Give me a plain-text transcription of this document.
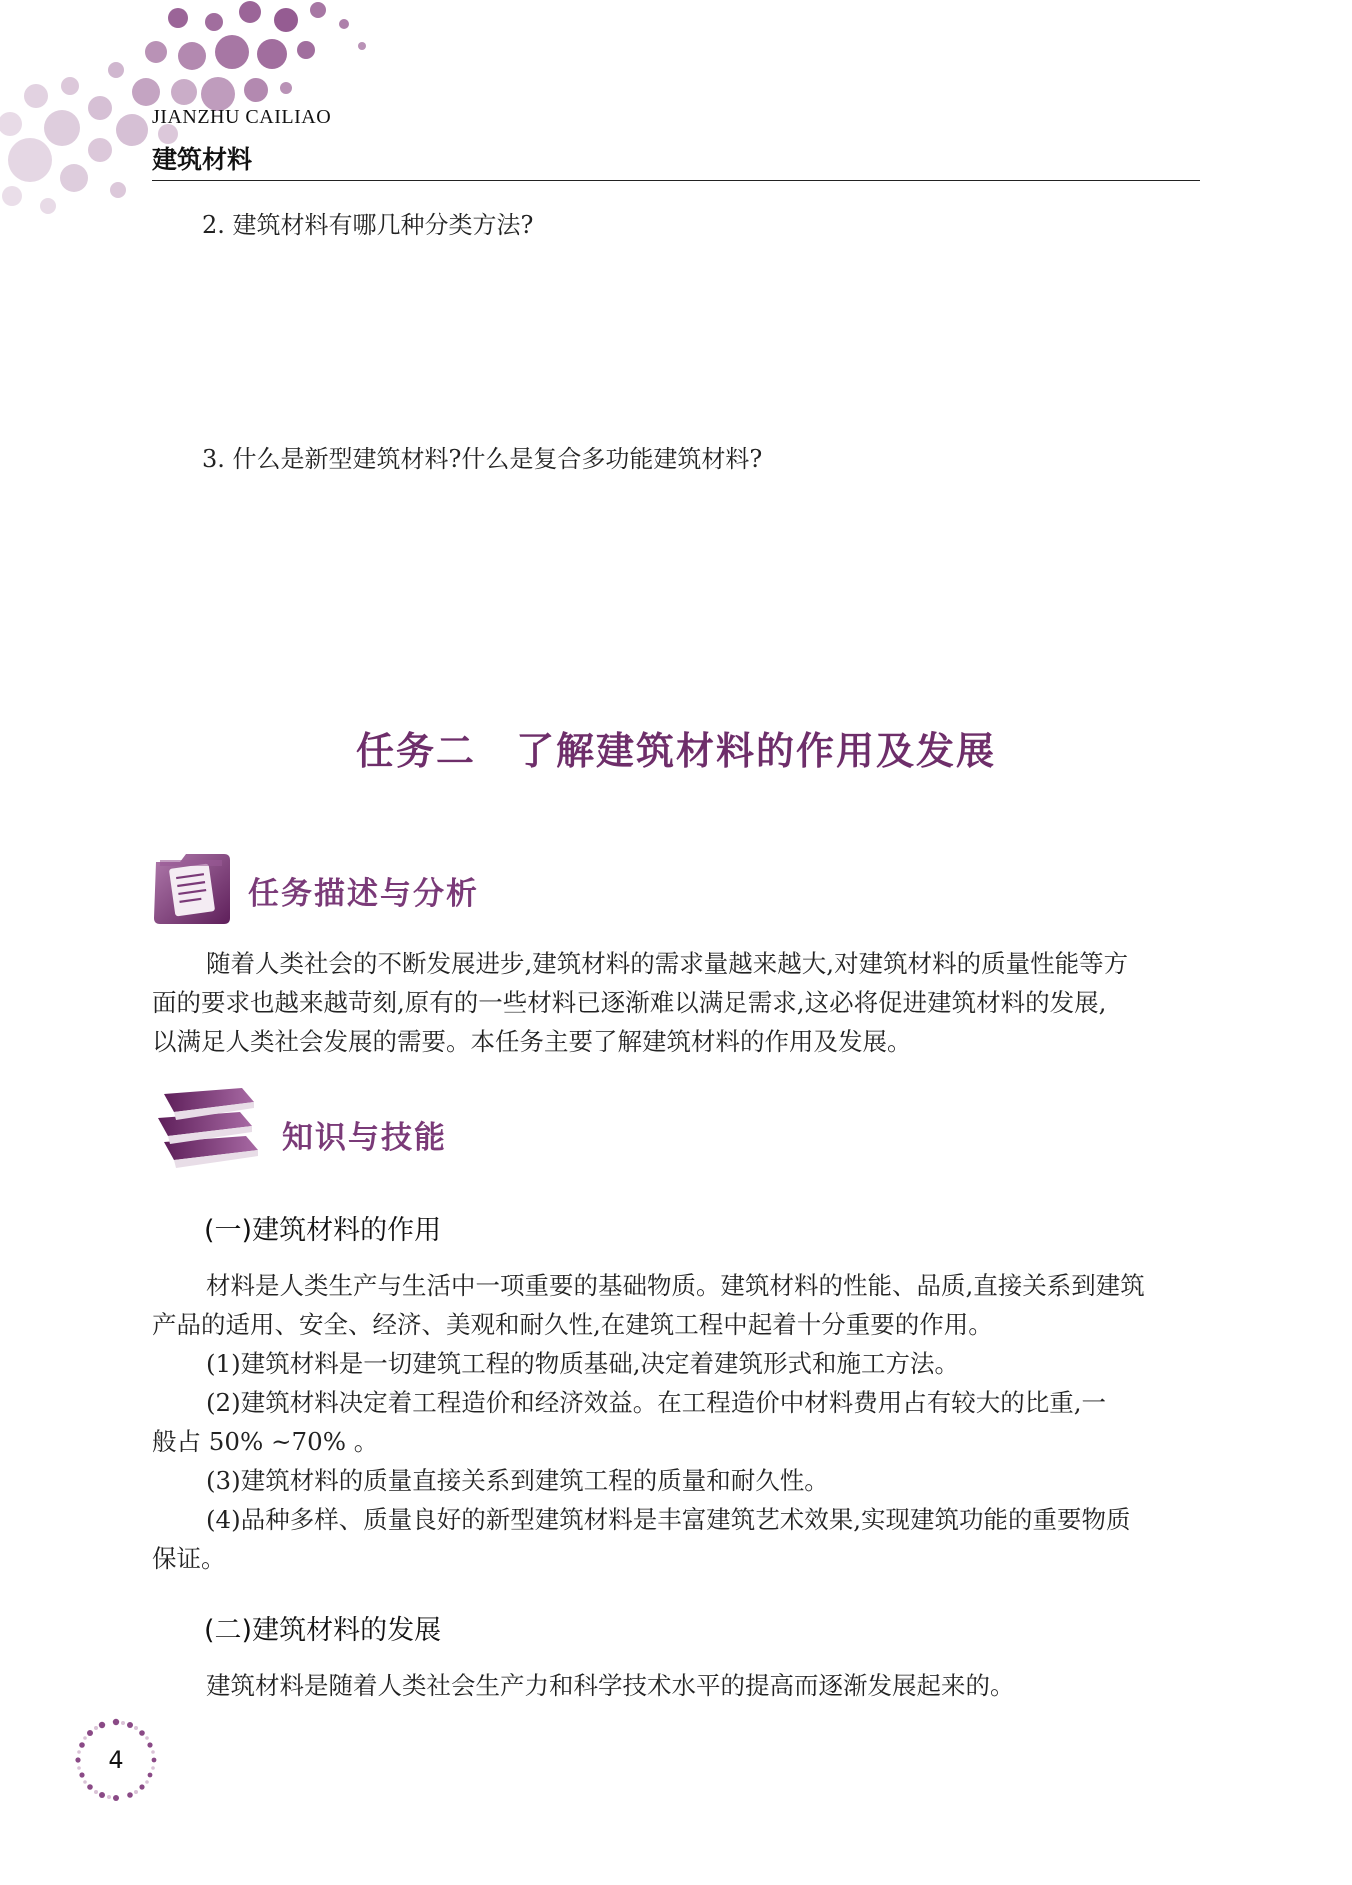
JIANZHU CAILIAO
建筑材料

2. 建筑材料有哪几种分类方法?

3. 什么是新型建筑材料?什么是复合多功能建筑材料?

任务二　了解建筑材料的作用及发展
任务描述与分析

随着人类社会的不断发展进步,建筑材料的需求量越来越大,对建筑材料的质量性能等方

面的要求也越来越苛刻,原有的一些材料已逐渐难以满足需求,这必将促进建筑材料的发展,

以满足人类社会发展的需要。本任务主要了解建筑材料的作用及发展。

知识与技能
(一)建筑材料的作用

材料是人类生产与生活中一项重要的基础物质。建筑材料的性能、品质,直接关系到建筑

产品的适用、安全、经济、美观和耐久性,在建筑工程中起着十分重要的作用。

(1)建筑材料是一切建筑工程的物质基础,决定着建筑形式和施工方法。

(2)建筑材料决定着工程造价和经济效益。在工程造价中材料费用占有较大的比重,一

般占 50% ~70% 。

(3)建筑材料的质量直接关系到建筑工程的质量和耐久性。

(4)品种多样、质量良好的新型建筑材料是丰富建筑艺术效果,实现建筑功能的重要物质

保证。

(二)建筑材料的发展

建筑材料是随着人类社会生产力和科学技术水平的提高而逐渐发展起来的。

4
